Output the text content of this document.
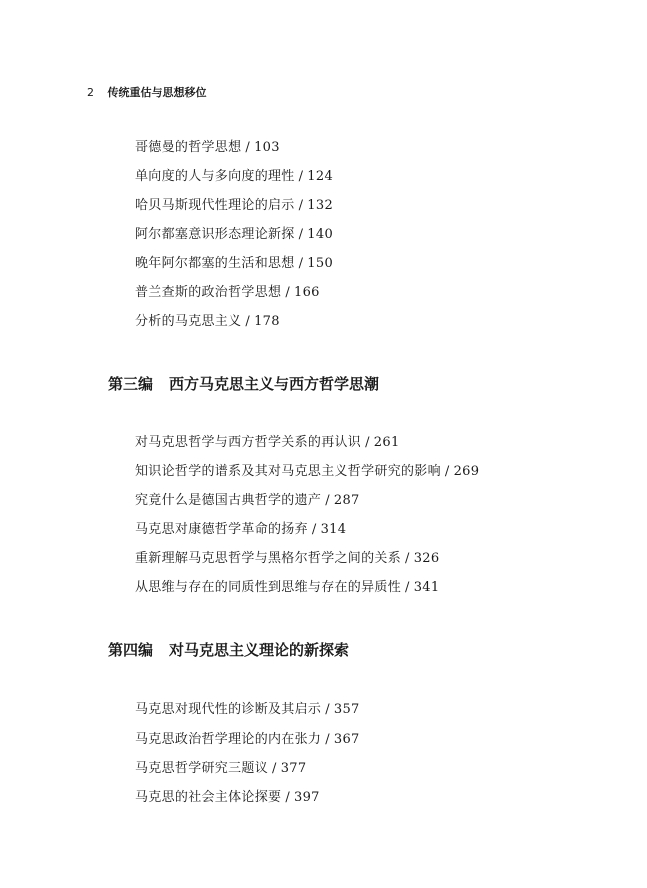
2 传统重估与思想移位
哥德曼的哲学思想 / 103
单向度的人与多向度的理性 / 124
哈贝马斯现代性理论的启示 / 132
阿尔都塞意识形态理论新探 / 140
晚年阿尔都塞的生活和思想 / 150
普兰查斯的政治哲学思想 / 166
分析的马克思主义 / 178
第三编 西方马克思主义与西方哲学思潮
对马克思哲学与西方哲学关系的再认识 / 261
知识论哲学的谱系及其对马克思主义哲学研究的影响 / 269
究竟什么是德国古典哲学的遗产 / 287
马克思对康德哲学革命的扬弃 / 314
重新理解马克思哲学与黑格尔哲学之间的关系 / 326
从思维与存在的同质性到思维与存在的异质性 / 341
第四编 对马克思主义理论的新探索
马克思对现代性的诊断及其启示 / 357
马克思政治哲学理论的内在张力 / 367
马克思哲学研究三题议 / 377
马克思的社会主体论探要 / 397
